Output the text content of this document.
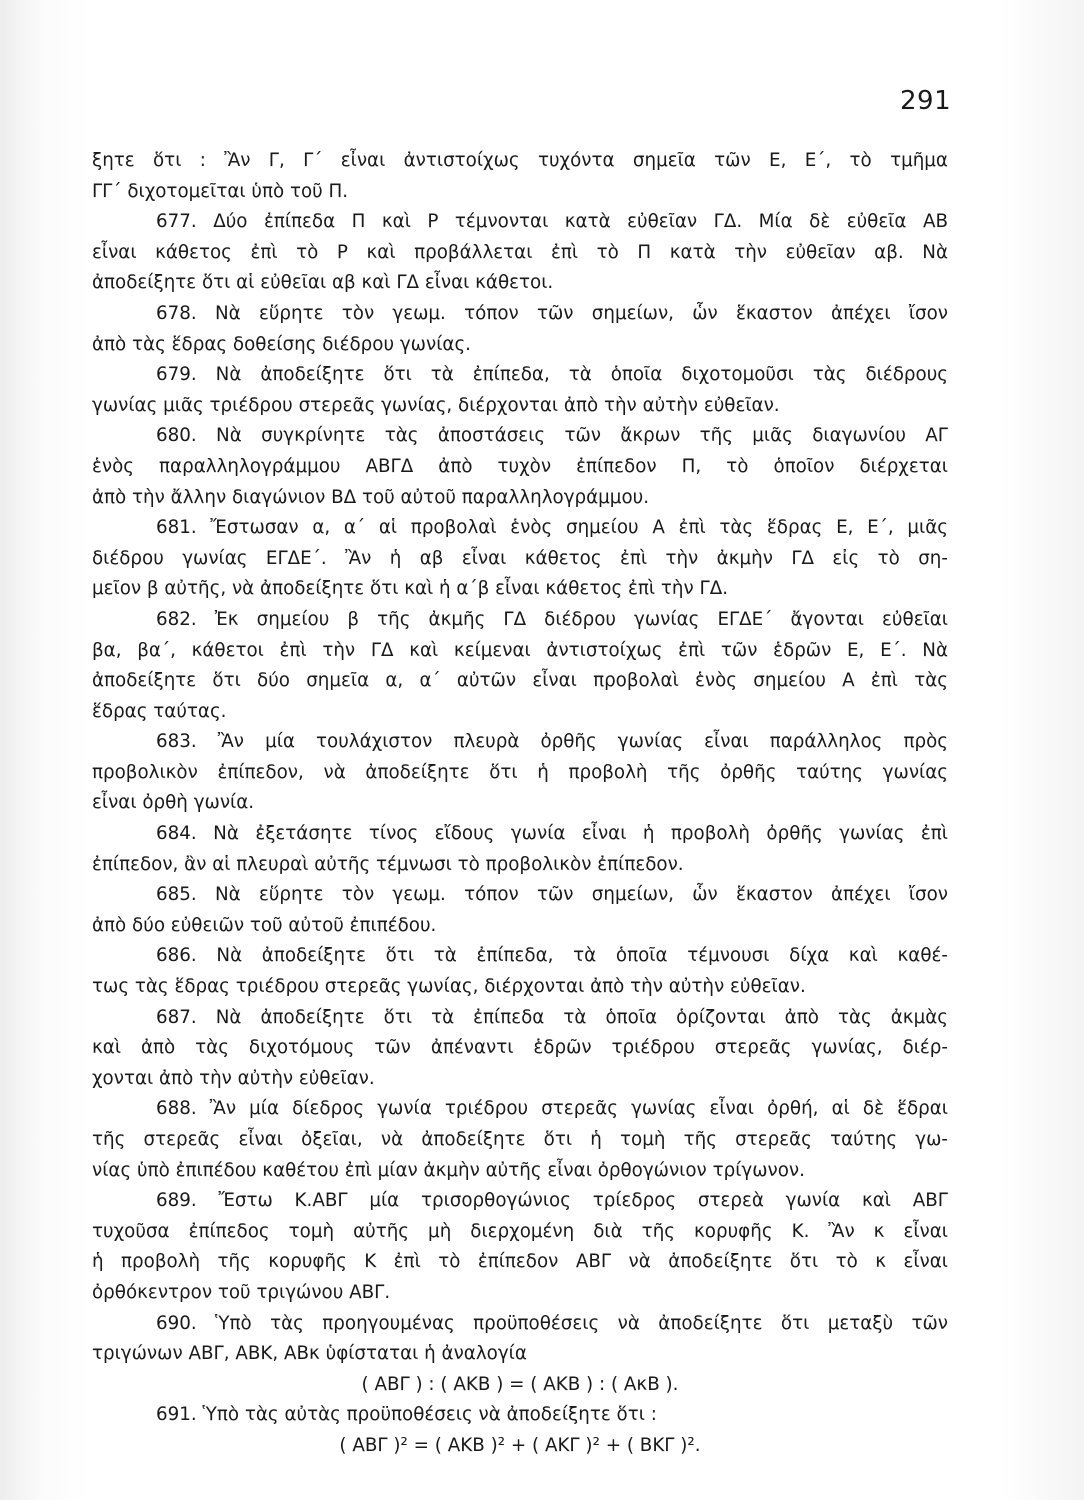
291
ξητε ὅτι : Ἂν Γ, Γ΄ εἶναι ἀντιστοίχως τυχόντα σημεῖα τῶν Ε, Ε΄, τὸ τμῆμα
ΓΓ΄ διχοτομεῖται ὑπὸ τοῦ Π.
677. Δύο ἐπίπεδα Π καὶ Ρ τέμνονται κατὰ εὐθεῖαν ΓΔ. Μία δὲ εὐθεῖα ΑΒ
εἶναι κάθετος ἐπὶ τὸ Ρ καὶ προβάλλεται ἐπὶ τὸ Π κατὰ τὴν εὐθεῖαν αβ. Νὰ
ἀποδείξητε ὅτι αἱ εὐθεῖαι αβ καὶ ΓΔ εἶναι κάθετοι.
678. Νὰ εὕρητε τὸν γεωμ. τόπον τῶν σημείων, ὧν ἕκαστον ἀπέχει ἴσον
ἀπὸ τὰς ἕδρας δοθείσης διέδρου γωνίας.
679. Νὰ ἀποδείξητε ὅτι τὰ ἐπίπεδα, τὰ ὁποῖα διχοτομοῦσι τὰς διέδρους
γωνίας μιᾶς τριέδρου στερεᾶς γωνίας, διέρχονται ἀπὸ τὴν αὐτὴν εὐθεῖαν.
680. Νὰ συγκρίνητε τὰς ἀποστάσεις τῶν ἄκρων τῆς μιᾶς διαγωνίου ΑΓ
ἑνὸς παραλληλογράμμου ΑΒΓΔ ἀπὸ τυχὸν ἐπίπεδον Π, τὸ ὁποῖον διέρχεται
ἀπὸ τὴν ἄλλην διαγώνιον ΒΔ τοῦ αὐτοῦ παραλληλογράμμου.
681. Ἔστωσαν α, α΄ αἱ προβολαὶ ἑνὸς σημείου Α ἐπὶ τὰς ἕδρας Ε, Ε΄, μιᾶς
διέδρου γωνίας ΕΓΔΕ΄. Ἂν ἡ αβ εἶναι κάθετος ἐπὶ τὴν ἀκμὴν ΓΔ εἰς τὸ ση-
μεῖον β αὐτῆς, νὰ ἀποδείξητε ὅτι καὶ ἡ α΄β εἶναι κάθετος ἐπὶ τὴν ΓΔ.
682. Ἐκ σημείου β τῆς ἀκμῆς ΓΔ διέδρου γωνίας ΕΓΔΕ΄ ἄγονται εὐθεῖαι
βα, βα΄, κάθετοι ἐπὶ τὴν ΓΔ καὶ κείμεναι ἀντιστοίχως ἐπὶ τῶν ἑδρῶν Ε, Ε΄. Νὰ
ἀποδείξητε ὅτι δύο σημεῖα α, α΄ αὐτῶν εἶναι προβολαὶ ἑνὸς σημείου Α ἐπὶ τὰς
ἕδρας ταύτας.
683. Ἂν μία τουλάχιστον πλευρὰ ὀρθῆς γωνίας εἶναι παράλληλος πρὸς
προβολικὸν ἐπίπεδον, νὰ ἀποδείξητε ὅτι ἡ προβολὴ τῆς ὀρθῆς ταύτης γωνίας
εἶναι ὀρθὴ γωνία.
684. Νὰ ἐξετάσητε τίνος εἴδους γωνία εἶναι ἡ προβολὴ ὀρθῆς γωνίας ἐπὶ
ἐπίπεδον, ἂν αἱ πλευραὶ αὐτῆς τέμνωσι τὸ προβολικὸν ἐπίπεδον.
685. Νὰ εὕρητε τὸν γεωμ. τόπον τῶν σημείων, ὧν ἕκαστον ἀπέχει ἴσον
ἀπὸ δύο εὐθειῶν τοῦ αὐτοῦ ἐπιπέδου.
686. Νὰ ἀποδείξητε ὅτι τὰ ἐπίπεδα, τὰ ὁποῖα τέμνουσι δίχα καὶ καθέ-
τως τὰς ἕδρας τριέδρου στερεᾶς γωνίας, διέρχονται ἀπὸ τὴν αὐτὴν εὐθεῖαν.
687. Νὰ ἀποδείξητε ὅτι τὰ ἐπίπεδα τὰ ὁποῖα ὁρίζονται ἀπὸ τὰς ἀκμὰς
καὶ ἀπὸ τὰς διχοτόμους τῶν ἀπέναντι ἑδρῶν τριέδρου στερεᾶς γωνίας, διέρ-
χονται ἀπὸ τὴν αὐτὴν εὐθεῖαν.
688. Ἂν μία δίεδρος γωνία τριέδρου στερεᾶς γωνίας εἶναι ὀρθή, αἱ δὲ ἕδραι
τῆς στερεᾶς εἶναι ὀξεῖαι, νὰ ἀποδείξητε ὅτι ἡ τομὴ τῆς στερεᾶς ταύτης γω-
νίας ὑπὸ ἐπιπέδου καθέτου ἐπὶ μίαν ἀκμὴν αὐτῆς εἶναι ὀρθογώνιον τρίγωνον.
689. Ἔστω Κ.ΑΒΓ μία τρισορθογώνιος τρίεδρος στερεὰ γωνία καὶ ΑΒΓ
τυχοῦσα ἐπίπεδος τομὴ αὐτῆς μὴ διερχομένη διὰ τῆς κορυφῆς Κ. Ἂν κ εἶναι
ἡ προβολὴ τῆς κορυφῆς Κ ἐπὶ τὸ ἐπίπεδον ΑΒΓ νὰ ἀποδείξητε ὅτι τὸ κ εἶναι
ὀρθόκεντρον τοῦ τριγώνου ΑΒΓ.
690. Ὑπὸ τὰς προηγουμένας προϋποθέσεις νὰ ἀποδείξητε ὅτι μεταξὺ τῶν
τριγώνων ΑΒΓ, ΑΒΚ, ΑΒκ ὑφίσταται ἡ ἀναλογία
( ΑΒΓ ) : ( ΑΚΒ ) = ( ΑΚΒ ) : ( ΑκΒ ).
691. Ὑπὸ τὰς αὐτὰς προϋποθέσεις νὰ ἀποδείξητε ὅτι :
( ΑΒΓ )² = ( ΑΚΒ )² + ( ΑΚΓ )² + ( ΒΚΓ )².
